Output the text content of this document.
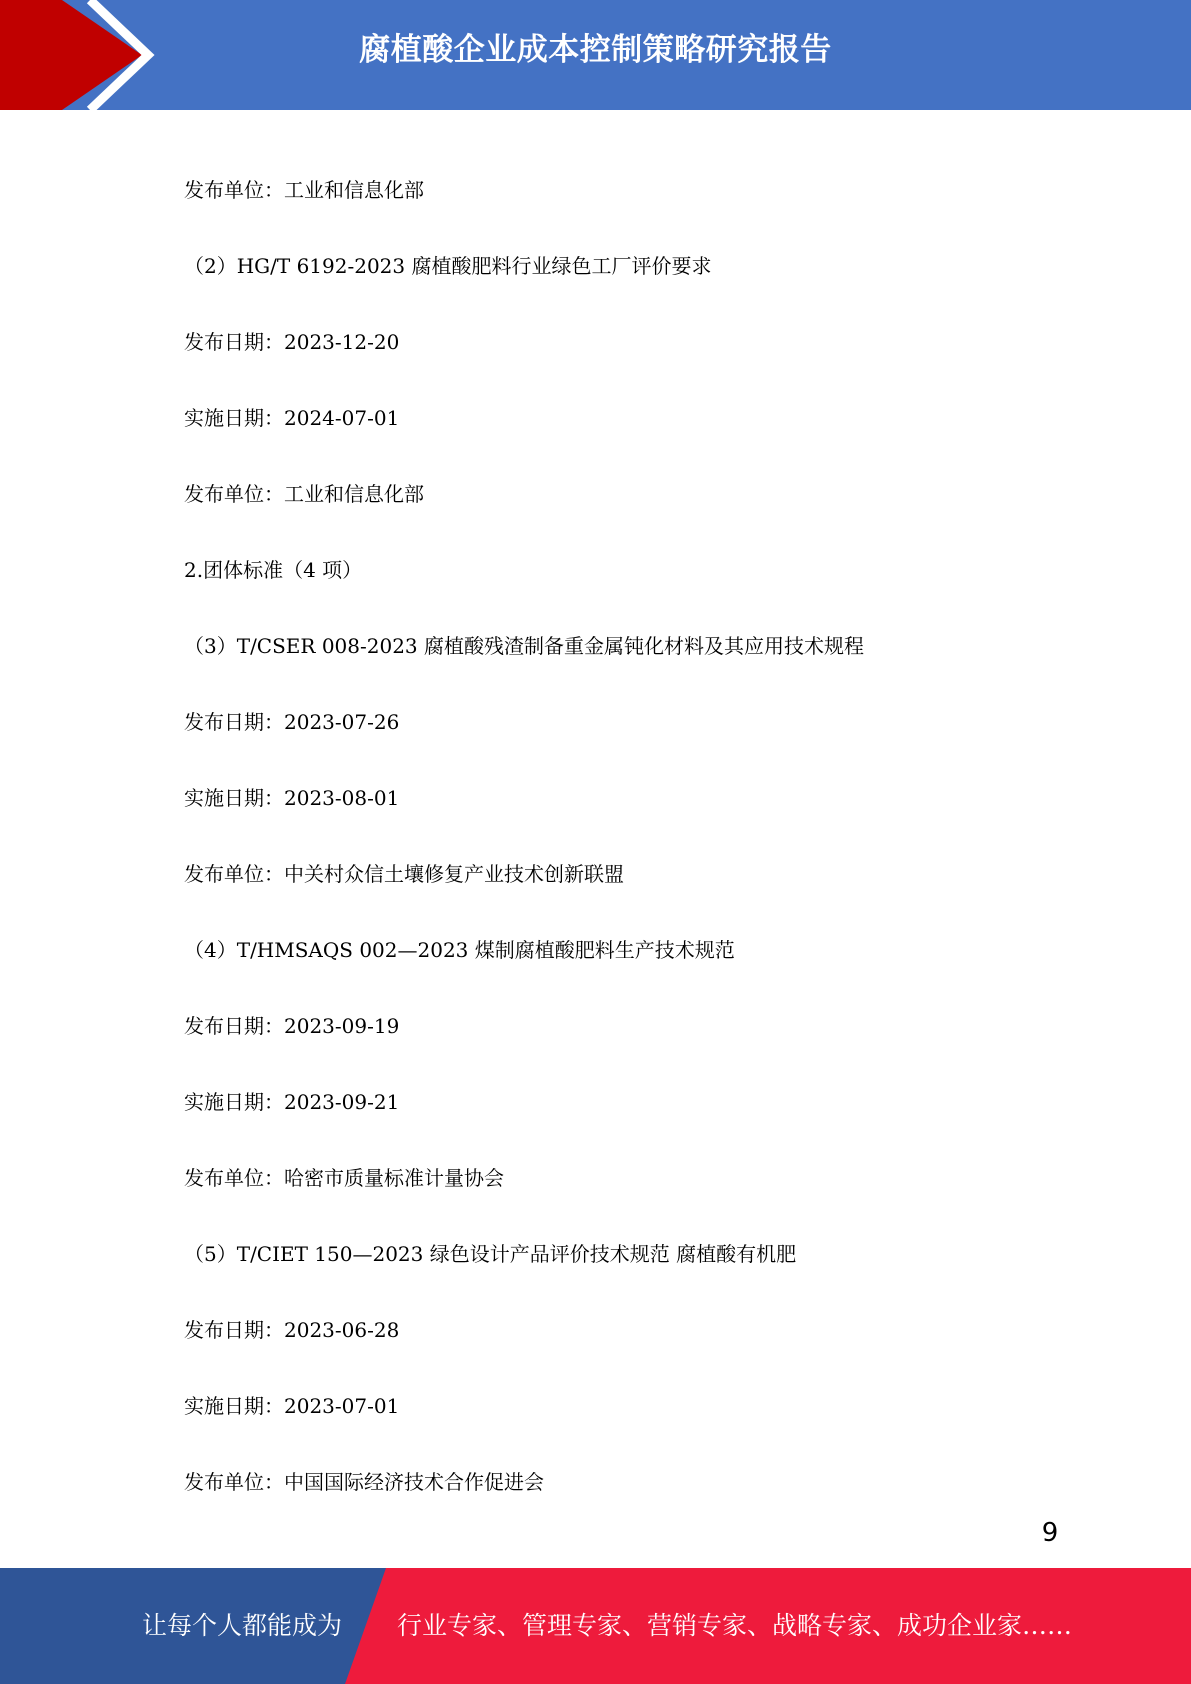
腐植酸企业成本控制策略研究报告
发布单位：工业和信息化部
（2）HG/T 6192-2023 腐植酸肥料行业绿色工厂评价要求
发布日期：2023-12-20
实施日期：2024-07-01
发布单位：工业和信息化部
2.团体标准（4 项）
（3）T/CSER 008-2023 腐植酸残渣制备重金属钝化材料及其应用技术规程
发布日期：2023-07-26
实施日期：2023-08-01
发布单位：中关村众信土壤修复产业技术创新联盟
（4）T/HMSAQS 002—2023 煤制腐植酸肥料生产技术规范
发布日期：2023-09-19
实施日期：2023-09-21
发布单位：哈密市质量标准计量协会
（5）T/CIET 150—2023 绿色设计产品评价技术规范 腐植酸有机肥
发布日期：2023-06-28
实施日期：2023-07-01
发布单位：中国国际经济技术合作促进会
9
让每个人都能成为 行业专家、管理专家、营销专家、战略专家、成功企业家……
